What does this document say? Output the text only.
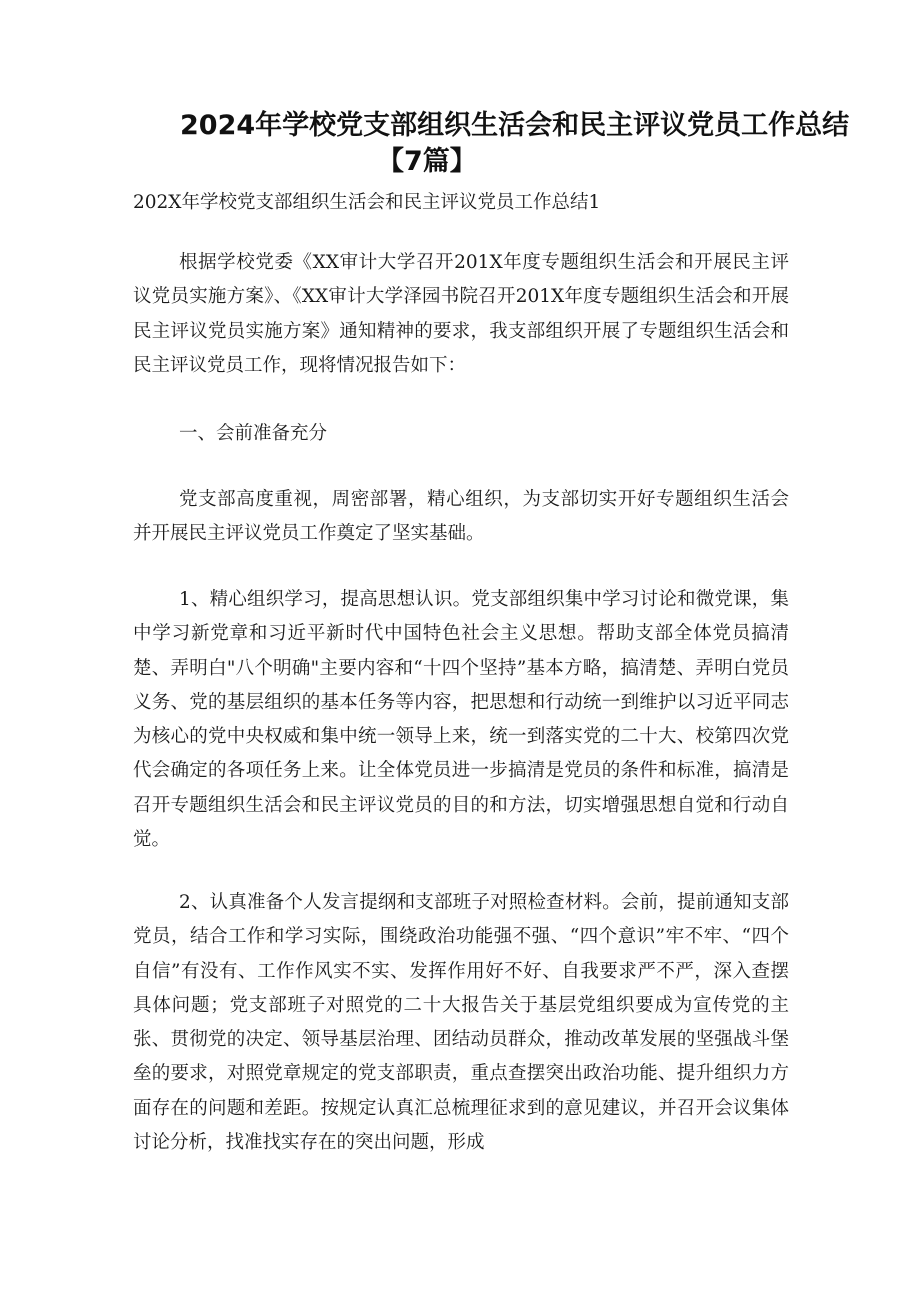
2024年学校党支部组织生活会和民主评议党员工作总结
【7篇】

202X年学校党支部组织生活会和民主评议党员工作总结1

根据学校党委《XX审计大学召开201X年度专题组织生活会和开展民主评议党员实施方案》、《XX审计大学泽园书院召开201X年度专题组织生活会和开展民主评议党员实施方案》通知精神的要求，我支部组织开展了专题组织生活会和民主评议党员工作，现将情况报告如下：

一、会前准备充分

党支部高度重视，周密部署，精心组织，为支部切实开好专题组织生活会并开展民主评议党员工作奠定了坚实基础。

1、精心组织学习，提高思想认识。党支部组织集中学习讨论和微党课，集中学习新党章和习近平新时代中国特色社会主义思想。帮助支部全体党员搞清楚、弄明白"八个明确"主要内容和“十四个坚持”基本方略，搞清楚、弄明白党员义务、党的基层组织的基本任务等内容，把思想和行动统一到维护以习近平同志为核心的党中央权威和集中统一领导上来，统一到落实党的二十大、校第四次党代会确定的各项任务上来。让全体党员进一步搞清是党员的条件和标准，搞清是召开专题组织生活会和民主评议党员的目的和方法，切实增强思想自觉和行动自觉。

2、认真准备个人发言提纲和支部班子对照检查材料。会前，提前通知支部党员，结合工作和学习实际，围绕政治功能强不强、“四个意识”牢不牢、“四个自信”有没有、工作作风实不实、发挥作用好不好、自我要求严不严，深入查摆具体问题；党支部班子对照党的二十大报告关于基层党组织要成为宣传党的主张、贯彻党的决定、领导基层治理、团结动员群众，推动改革发展的坚强战斗堡垒的要求，对照党章规定的党支部职责，重点查摆突出政治功能、提升组织力方面存在的问题和差距。按规定认真汇总梳理征求到的意见建议，并召开会议集体讨论分析，找准找实存在的突出问题，形成
